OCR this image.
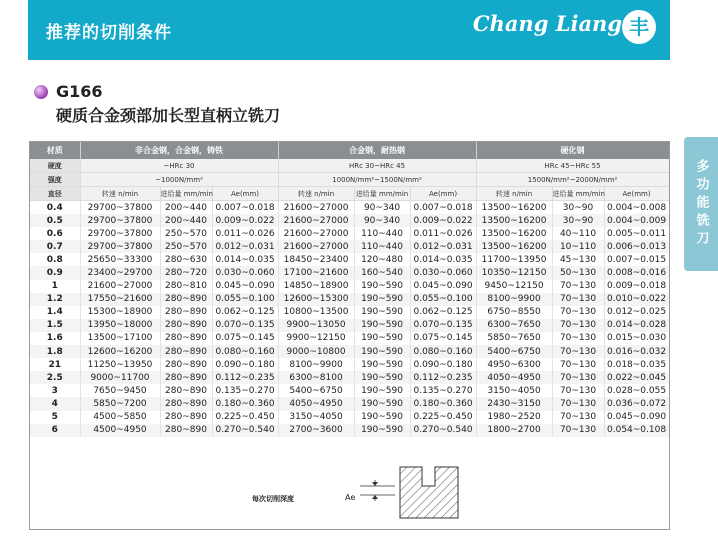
推荐的切削条件	Chang Liang 丰
G166
硬质合金颈部加长型直柄立铣刀
多功能铣刀
材质	非合金钢，合金钢，铸铁			合金钢，耐热钢			硬化钢		
硬度	~HRc 30			HRc 30~HRc 45			HRc 45~HRc 55		
强度	~1000N/mm²			1000N/mm²~1500N/mm²			1500N/mm²~2000N/mm²		
直径	转速 n/min	进给量 mm/min	Ae(mm)	转速 n/min	进给量 mm/min	Ae(mm)	转速 n/min	进给量 mm/min	Ae(mm)
0.4	29700~37800	200~440	0.007~0.018	21600~27000	90~340	0.007~0.018	13500~16200	30~90	0.004~0.008
0.5	29700~37800	200~440	0.009~0.022	21600~27000	90~340	0.009~0.022	13500~16200	30~90	0.004~0.009
0.6	29700~37800	250~570	0.011~0.026	21600~27000	110~440	0.011~0.026	13500~16200	40~110	0.005~0.011
0.7	29700~37800	250~570	0.012~0.031	21600~27000	110~440	0.012~0.031	13500~16200	10~110	0.006~0.013
0.8	25650~33300	280~630	0.014~0.035	18450~23400	120~480	0.014~0.035	11700~13950	45~130	0.007~0.015
0.9	23400~29700	280~720	0.030~0.060	17100~21600	160~540	0.030~0.060	10350~12150	50~130	0.008~0.016
1	21600~27000	280~810	0.045~0.090	14850~18900	190~590	0.045~0.090	9450~12150	70~130	0.009~0.018
1.2	17550~21600	280~890	0.055~0.100	12600~15300	190~590	0.055~0.100	8100~9900	70~130	0.010~0.022
1.4	15300~18900	280~890	0.062~0.125	10800~13500	190~590	0.062~0.125	6750~8550	70~130	0.012~0.025
1.5	13950~18000	280~890	0.070~0.135	9900~13050	190~590	0.070~0.135	6300~7650	70~130	0.014~0.028
1.6	13500~17100	280~890	0.075~0.145	9900~12150	190~590	0.075~0.145	5850~7650	70~130	0.015~0.030
1.8	12600~16200	280~890	0.080~0.160	9000~10800	190~590	0.080~0.160	5400~6750	70~130	0.016~0.032
21	11250~13950	280~890	0.090~0.180	8100~9900	190~590	0.090~0.180	4950~6300	70~130	0.018~0.035
2.5	9000~11700	280~890	0.112~0.235	6300~8100	190~590	0.112~0.235	4050~4950	70~130	0.022~0.045
3	7650~9450	280~890	0.135~0.270	5400~6750	190~590	0.135~0.270	3150~4050	70~130	0.028~0.055
4	5850~7200	280~890	0.180~0.360	4050~4950	190~590	0.180~0.360	2430~3150	70~130	0.036~0.072
5	4500~5850	280~890	0.225~0.450	3150~4050	190~590	0.225~0.450	1980~2520	70~130	0.045~0.090
6	4500~4950	280~890	0.270~0.540	2700~3600	190~590	0.270~0.540	1800~2700	70~130	0.054~0.108
每次切削深度	Ae
